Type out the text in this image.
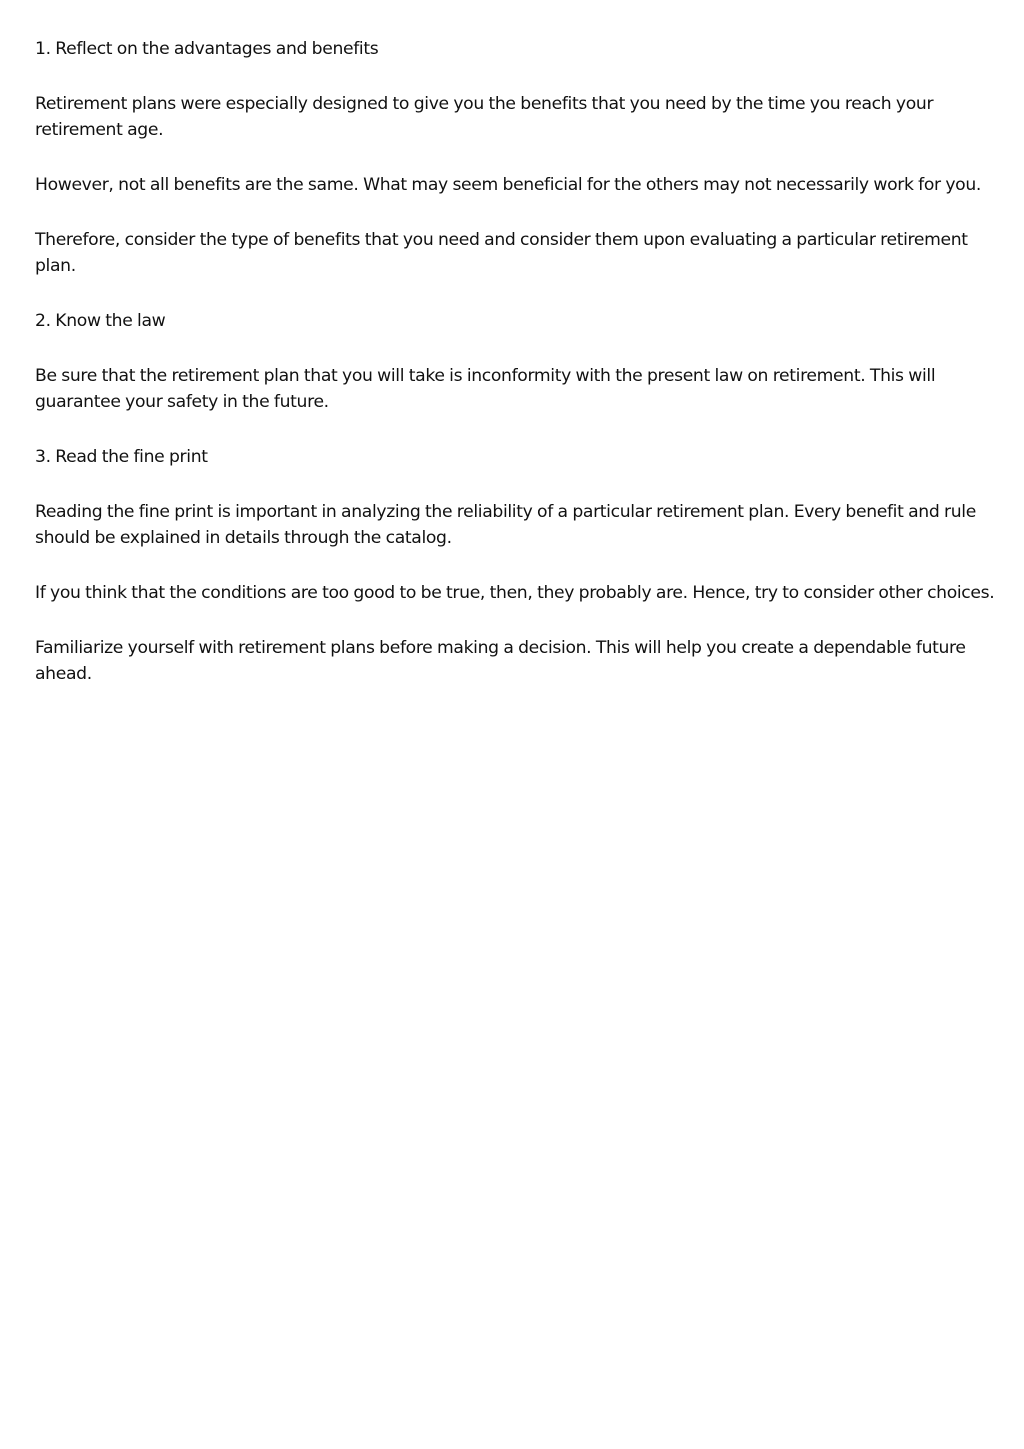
1. Reflect on the advantages and benefits

Retirement plans were especially designed to give you the benefits that you need by the time you reach your retirement age.

However, not all benefits are the same. What may seem beneficial for the others may not necessarily work for you.

Therefore, consider the type of benefits that you need and consider them upon evaluating a particular retirement plan.

2. Know the law

Be sure that the retirement plan that you will take is inconformity with the present law on retirement. This will guarantee your safety in the future.

3. Read the fine print

Reading the fine print is important in analyzing the reliability of a particular retirement plan. Every benefit and rule should be explained in details through the catalog.

If you think that the conditions are too good to be true, then, they probably are. Hence, try to consider other choices.

Familiarize yourself with retirement plans before making a decision. This will help you create a dependable future ahead.
